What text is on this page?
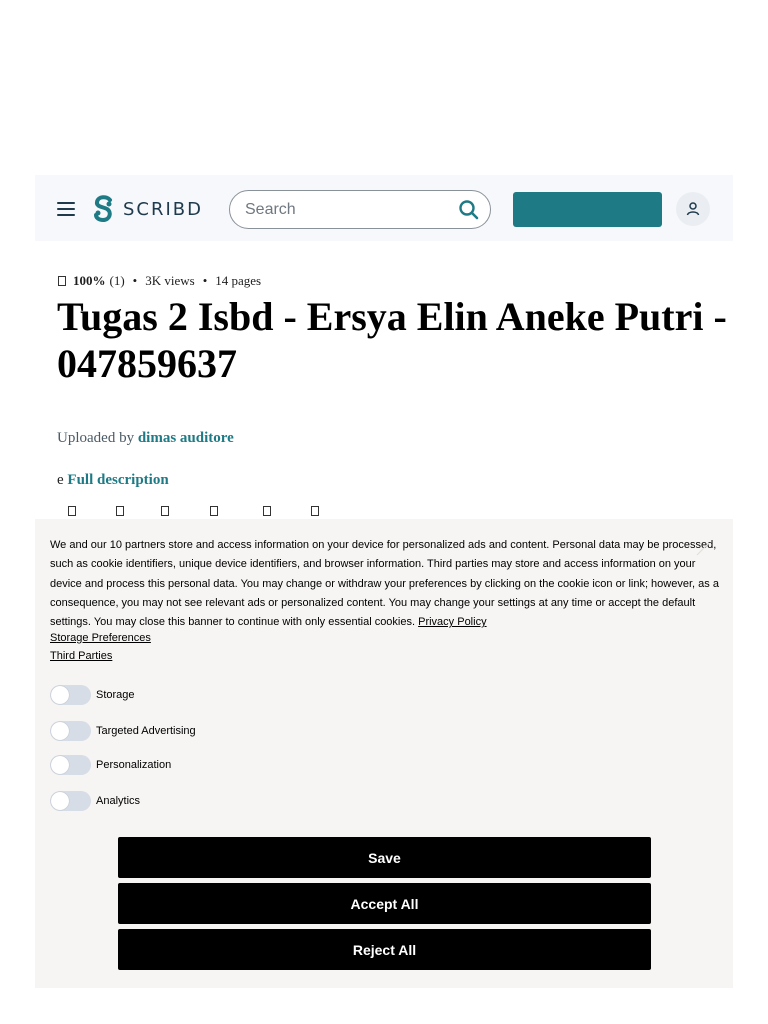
SCRIBD
Search
100% (1) • 3K views • 14 pages
Tugas 2 Isbd - Ersya Elin Aneke Putri - 047859637
Uploaded by dimas auditore
e Full description
We and our 10 partners store and access information on your device for personalized ads and content. Personal data may be processed, such as cookie identifiers, unique device identifiers, and browser information. Third parties may store and access information on your device and process this personal data. You may change or withdraw your preferences by clicking on the cookie icon or link; however, as a consequence, you may not see relevant ads or personalized content. You may change your settings at any time or accept the default settings. You may close this banner to continue with only essential cookies. Privacy Policy
Storage Preferences
Third Parties
Storage
Targeted Advertising
Personalization
Analytics
Save
Accept All
Reject All
